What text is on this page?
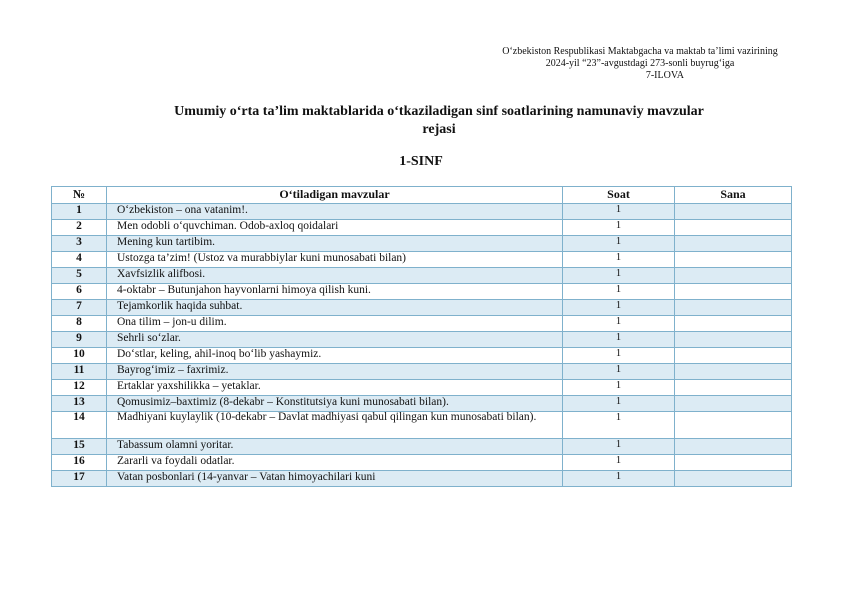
O‘zbekiston Respublikasi Maktabgacha va maktab ta’limi vazirining
2024-yil “23”-avgustdagi 273-sonli buyrug‘iga
7-ILOVA
Umumiy o‘rta ta’lim maktablarida o‘tkaziladigan sinf soatlarining namunaviy mavzular
rejasi
1-SINF
№	O‘tiladigan mavzular	Soat	Sana
1	O‘zbekiston – ona vatanim!.	1	
2	Men odobli o‘quvchiman. Odob-axloq qoidalari	1	
3	Mening kun tartibim.	1	
4	Ustozga ta’zim! (Ustoz va murabbiylar kuni munosabati bilan)	1	
5	Xavfsizlik alifbosi.	1	
6	4-oktabr – Butunjahon hayvonlarni himoya qilish kuni.	1	
7	Tejamkorlik haqida suhbat.	1	
8	Ona tilim – jon-u dilim.	1	
9	Sehrli so‘zlar.	1	
10	Do‘stlar, keling, ahil-inoq bo‘lib yashaymiz.	1	
11	Bayrog‘imiz – faxrimiz.	1	
12	Ertaklar yaxshilikka – yetaklar.	1	
13	Qomusimiz–baxtimiz (8-dekabr – Konstitutsiya kuni munosabati bilan).	1	
14	Madhiyani kuylaylik (10-dekabr – Davlat madhiyasi qabul qilingan kun munosabati bilan).	1	
15	Tabassum olamni yoritar.	1	
16	Zararli va foydali odatlar.	1	
17	Vatan posbonlari (14-yanvar – Vatan himoyachilari kuni	1	
